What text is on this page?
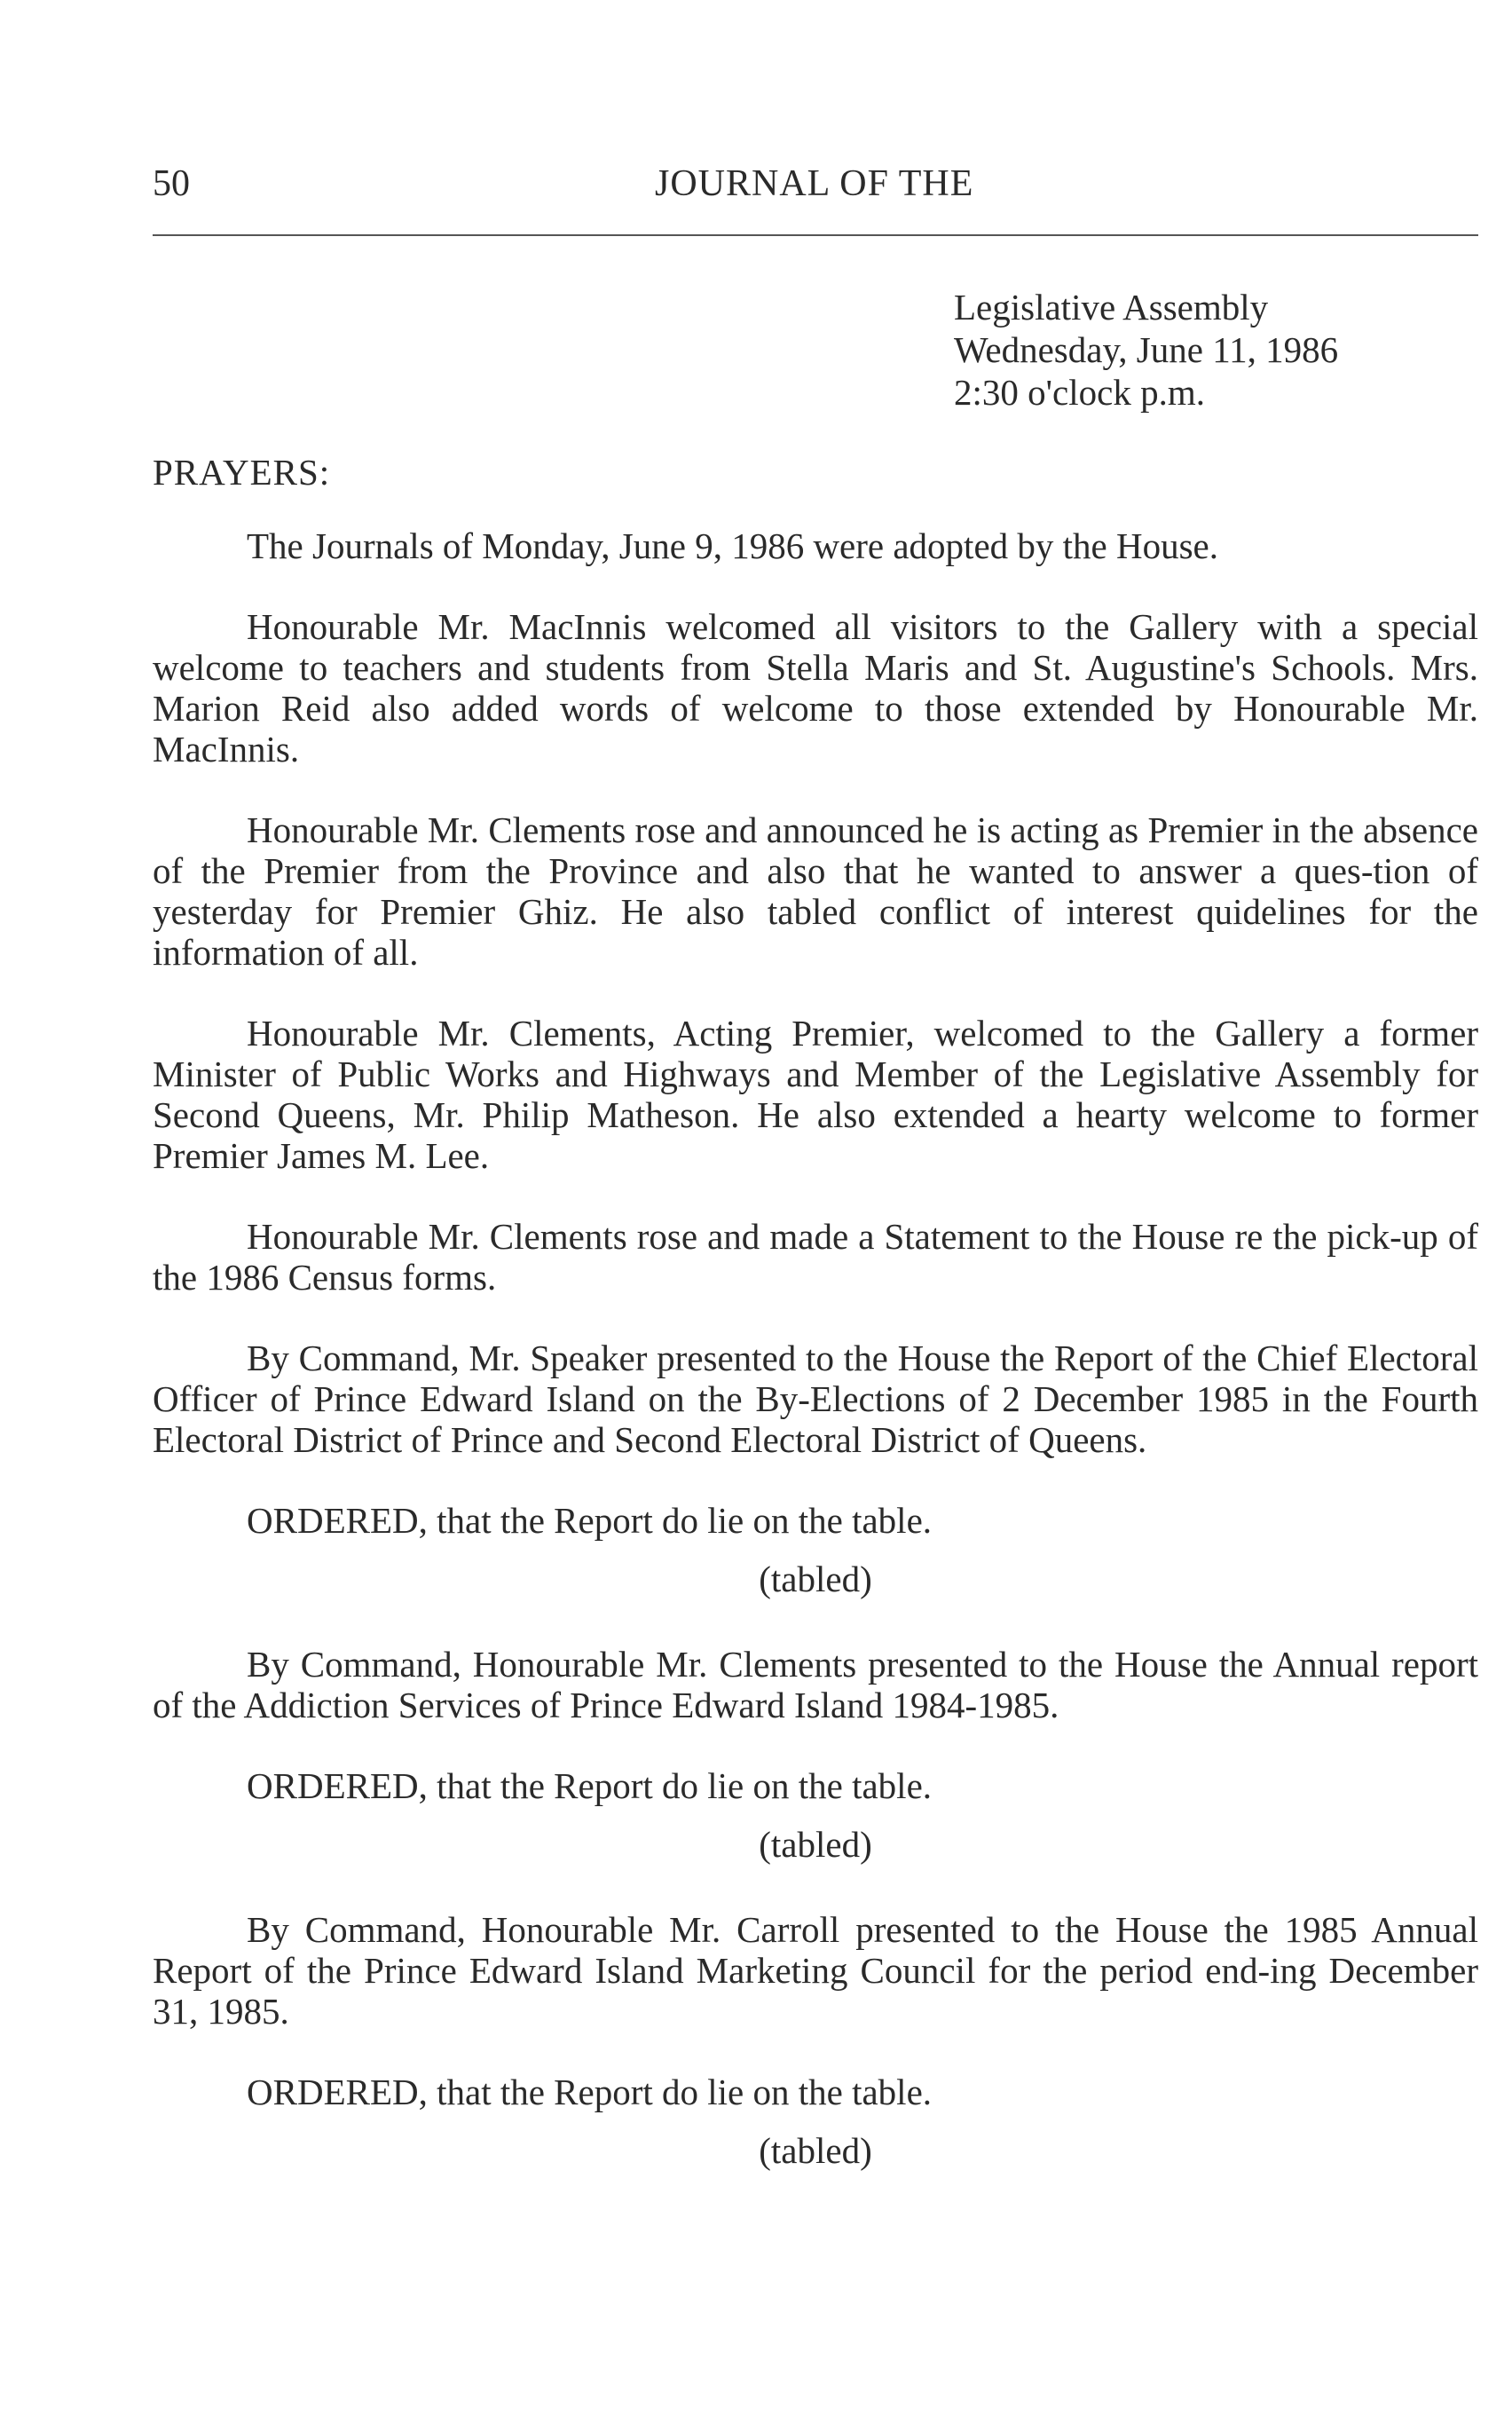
50	JOURNAL OF THE
Legislative Assembly
Wednesday, June 11, 1986
2:30 o'clock p.m.
PRAYERS:

The Journals of Monday, June 9, 1986 were adopted by the House.

Honourable Mr. MacInnis welcomed all visitors to the Gallery with a special welcome to teachers and students from Stella Maris and St. Augustine's Schools. Mrs. Marion Reid also added words of welcome to those extended by Honourable Mr. MacInnis.

Honourable Mr. Clements rose and announced he is acting as Premier in the absence of the Premier from the Province and also that he wanted to answer a ques-tion of yesterday for Premier Ghiz. He also tabled conflict of interest quidelines for the information of all.

Honourable Mr. Clements, Acting Premier, welcomed to the Gallery a former Minister of Public Works and Highways and Member of the Legislative Assembly for Second Queens, Mr. Philip Matheson. He also extended a hearty welcome to former Premier James M. Lee.

Honourable Mr. Clements rose and made a Statement to the House re the pick-up of the 1986 Census forms.

By Command, Mr. Speaker presented to the House the Report of the Chief Electoral Officer of Prince Edward Island on the By-Elections of 2 December 1985 in the Fourth Electoral District of Prince and Second Electoral District of Queens.

ORDERED, that the Report do lie on the table.

(tabled)

By Command, Honourable Mr. Clements presented to the House the Annual report of the Addiction Services of Prince Edward Island 1984-1985.

ORDERED, that the Report do lie on the table.

(tabled)

By Command, Honourable Mr. Carroll presented to the House the 1985 Annual Report of the Prince Edward Island Marketing Council for the period end-ing December 31, 1985.

ORDERED, that the Report do lie on the table.

(tabled)
